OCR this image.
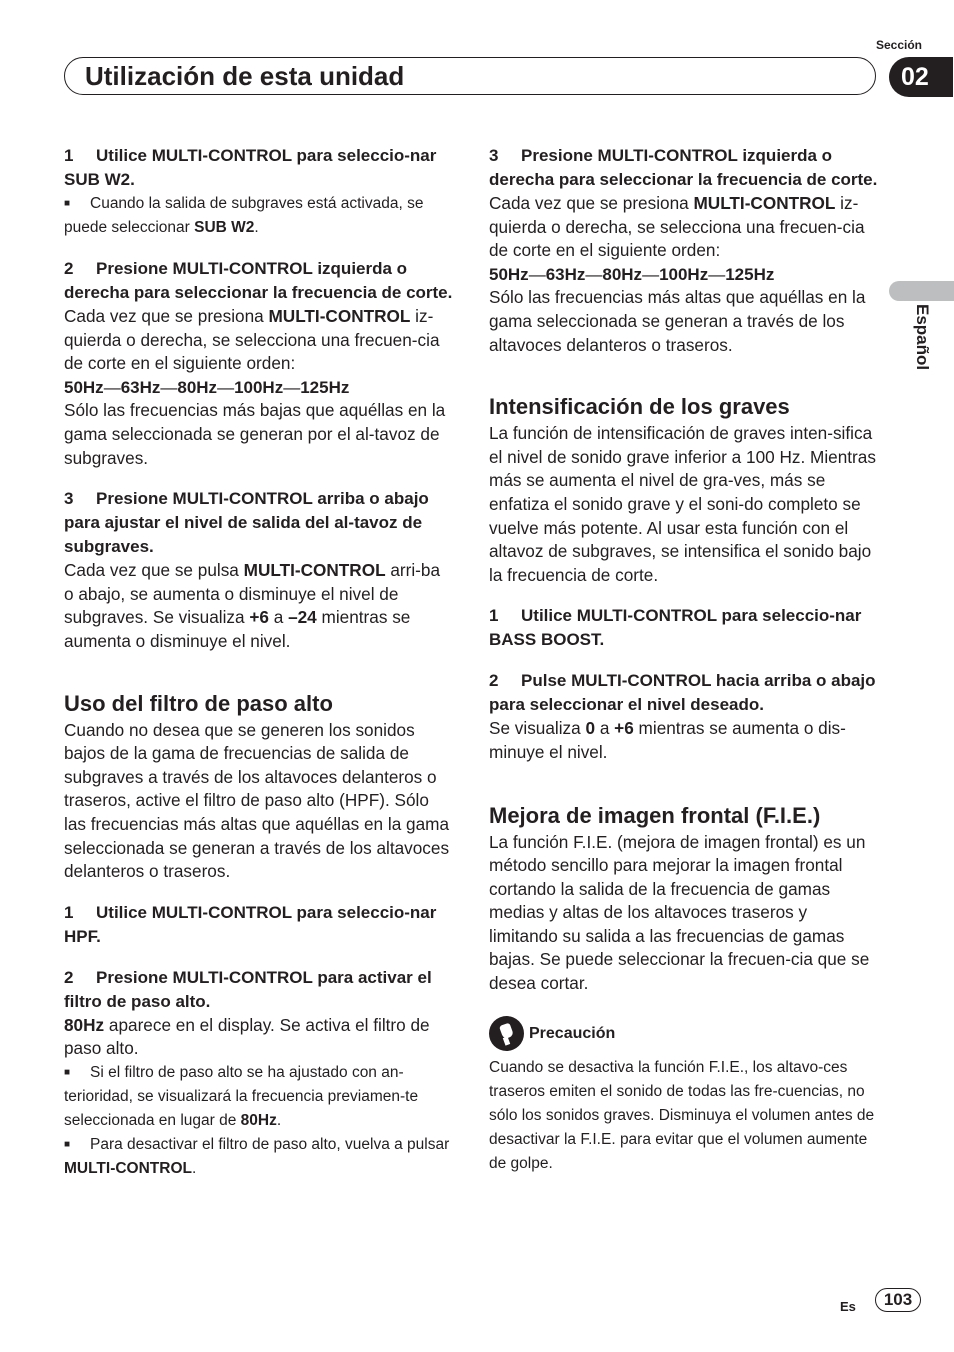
Sección
02
Utilización de esta unidad
Español

1 Utilice MULTI-CONTROL para seleccio-nar SUB W2.

■ Cuando la salida de subgraves está activada, se puede seleccionar SUB W2.

2 Presione MULTI-CONTROL izquierda o derecha para seleccionar la frecuencia de corte.

Cada vez que se presiona MULTI-CONTROL iz-quierda o derecha, se selecciona una frecuen-cia de corte en el siguiente orden:

50Hz—63Hz—80Hz—100Hz—125Hz

Sólo las frecuencias más bajas que aquéllas en la gama seleccionada se generan por el al-tavoz de subgraves.

3 Presione MULTI-CONTROL arriba o abajo para ajustar el nivel de salida del al-tavoz de subgraves.

Cada vez que se pulsa MULTI-CONTROL arri-ba o abajo, se aumenta o disminuye el nivel de subgraves. Se visualiza +6 a –24 mientras se aumenta o disminuye el nivel.

Uso del filtro de paso alto

Cuando no desea que se generen los sonidos bajos de la gama de frecuencias de salida de subgraves a través de los altavoces delanteros o traseros, active el filtro de paso alto (HPF). Sólo las frecuencias más altas que aquéllas en la gama seleccionada se generan a través de los altavoces delanteros o traseros.

1 Utilice MULTI-CONTROL para seleccio-nar HPF.

2 Presione MULTI-CONTROL para activar el filtro de paso alto.

80Hz aparece en el display. Se activa el filtro de paso alto.

■ Si el filtro de paso alto se ha ajustado con an-terioridad, se visualizará la frecuencia previamen-te seleccionada en lugar de 80Hz.

■ Para desactivar el filtro de paso alto, vuelva a pulsar MULTI-CONTROL.

3 Presione MULTI-CONTROL izquierda o derecha para seleccionar la frecuencia de corte.

Cada vez que se presiona MULTI-CONTROL iz-quierda o derecha, se selecciona una frecuen-cia de corte en el siguiente orden:

50Hz—63Hz—80Hz—100Hz—125Hz

Sólo las frecuencias más altas que aquéllas en la gama seleccionada se generan a través de los altavoces delanteros o traseros.

Intensificación de los graves

La función de intensificación de graves inten-sifica el nivel de sonido grave inferior a 100 Hz. Mientras más se aumenta el nivel de gra-ves, más se enfatiza el sonido grave y el soni-do completo se vuelve más potente. Al usar esta función con el altavoz de subgraves, se intensifica el sonido bajo la frecuencia de corte.

1 Utilice MULTI-CONTROL para seleccio-nar BASS BOOST.

2 Pulse MULTI-CONTROL hacia arriba o abajo para seleccionar el nivel deseado.

Se visualiza 0 a +6 mientras se aumenta o dis-minuye el nivel.

Mejora de imagen frontal (F.I.E.)

La función F.I.E. (mejora de imagen frontal) es un método sencillo para mejorar la imagen frontal cortando la salida de la frecuencia de gamas medias y altas de los altavoces traseros y limitando su salida a las frecuencias de gamas bajas. Se puede seleccionar la frecuen-cia que se desea cortar.

Precaución

Cuando se desactiva la función F.I.E., los altavo-ces traseros emiten el sonido de todas las fre-cuencias, no sólo los sonidos graves. Disminuya el volumen antes de desactivar la F.I.E. para evitar que el volumen aumente de golpe.

Es	103
